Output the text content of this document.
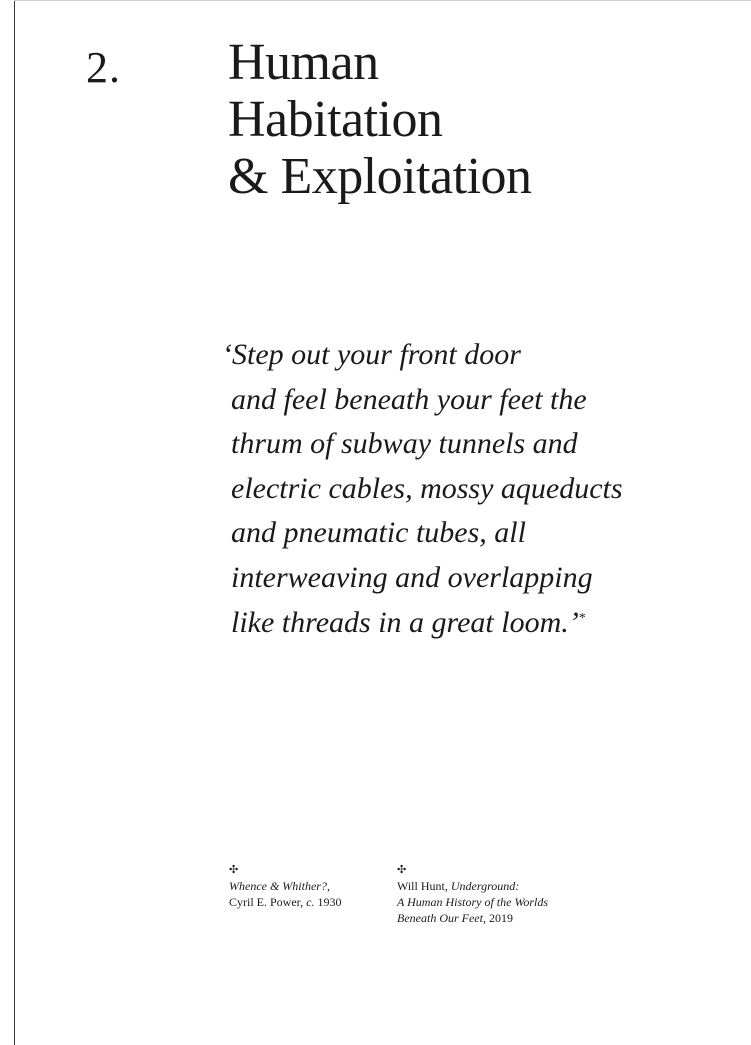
2. Human
Habitation
& Exploitation
‘Step out your front door
and feel beneath your feet the
thrum of subway tunnels and
electric cables, mossy aqueducts
and pneumatic tubes, all
interweaving and overlapping
like threads in a great loom.’*
✣
Whence & Whither?,
Cyril E. Power, c. 1930
✣
Will Hunt, Underground:
A Human History of the Worlds
Beneath Our Feet, 2019
